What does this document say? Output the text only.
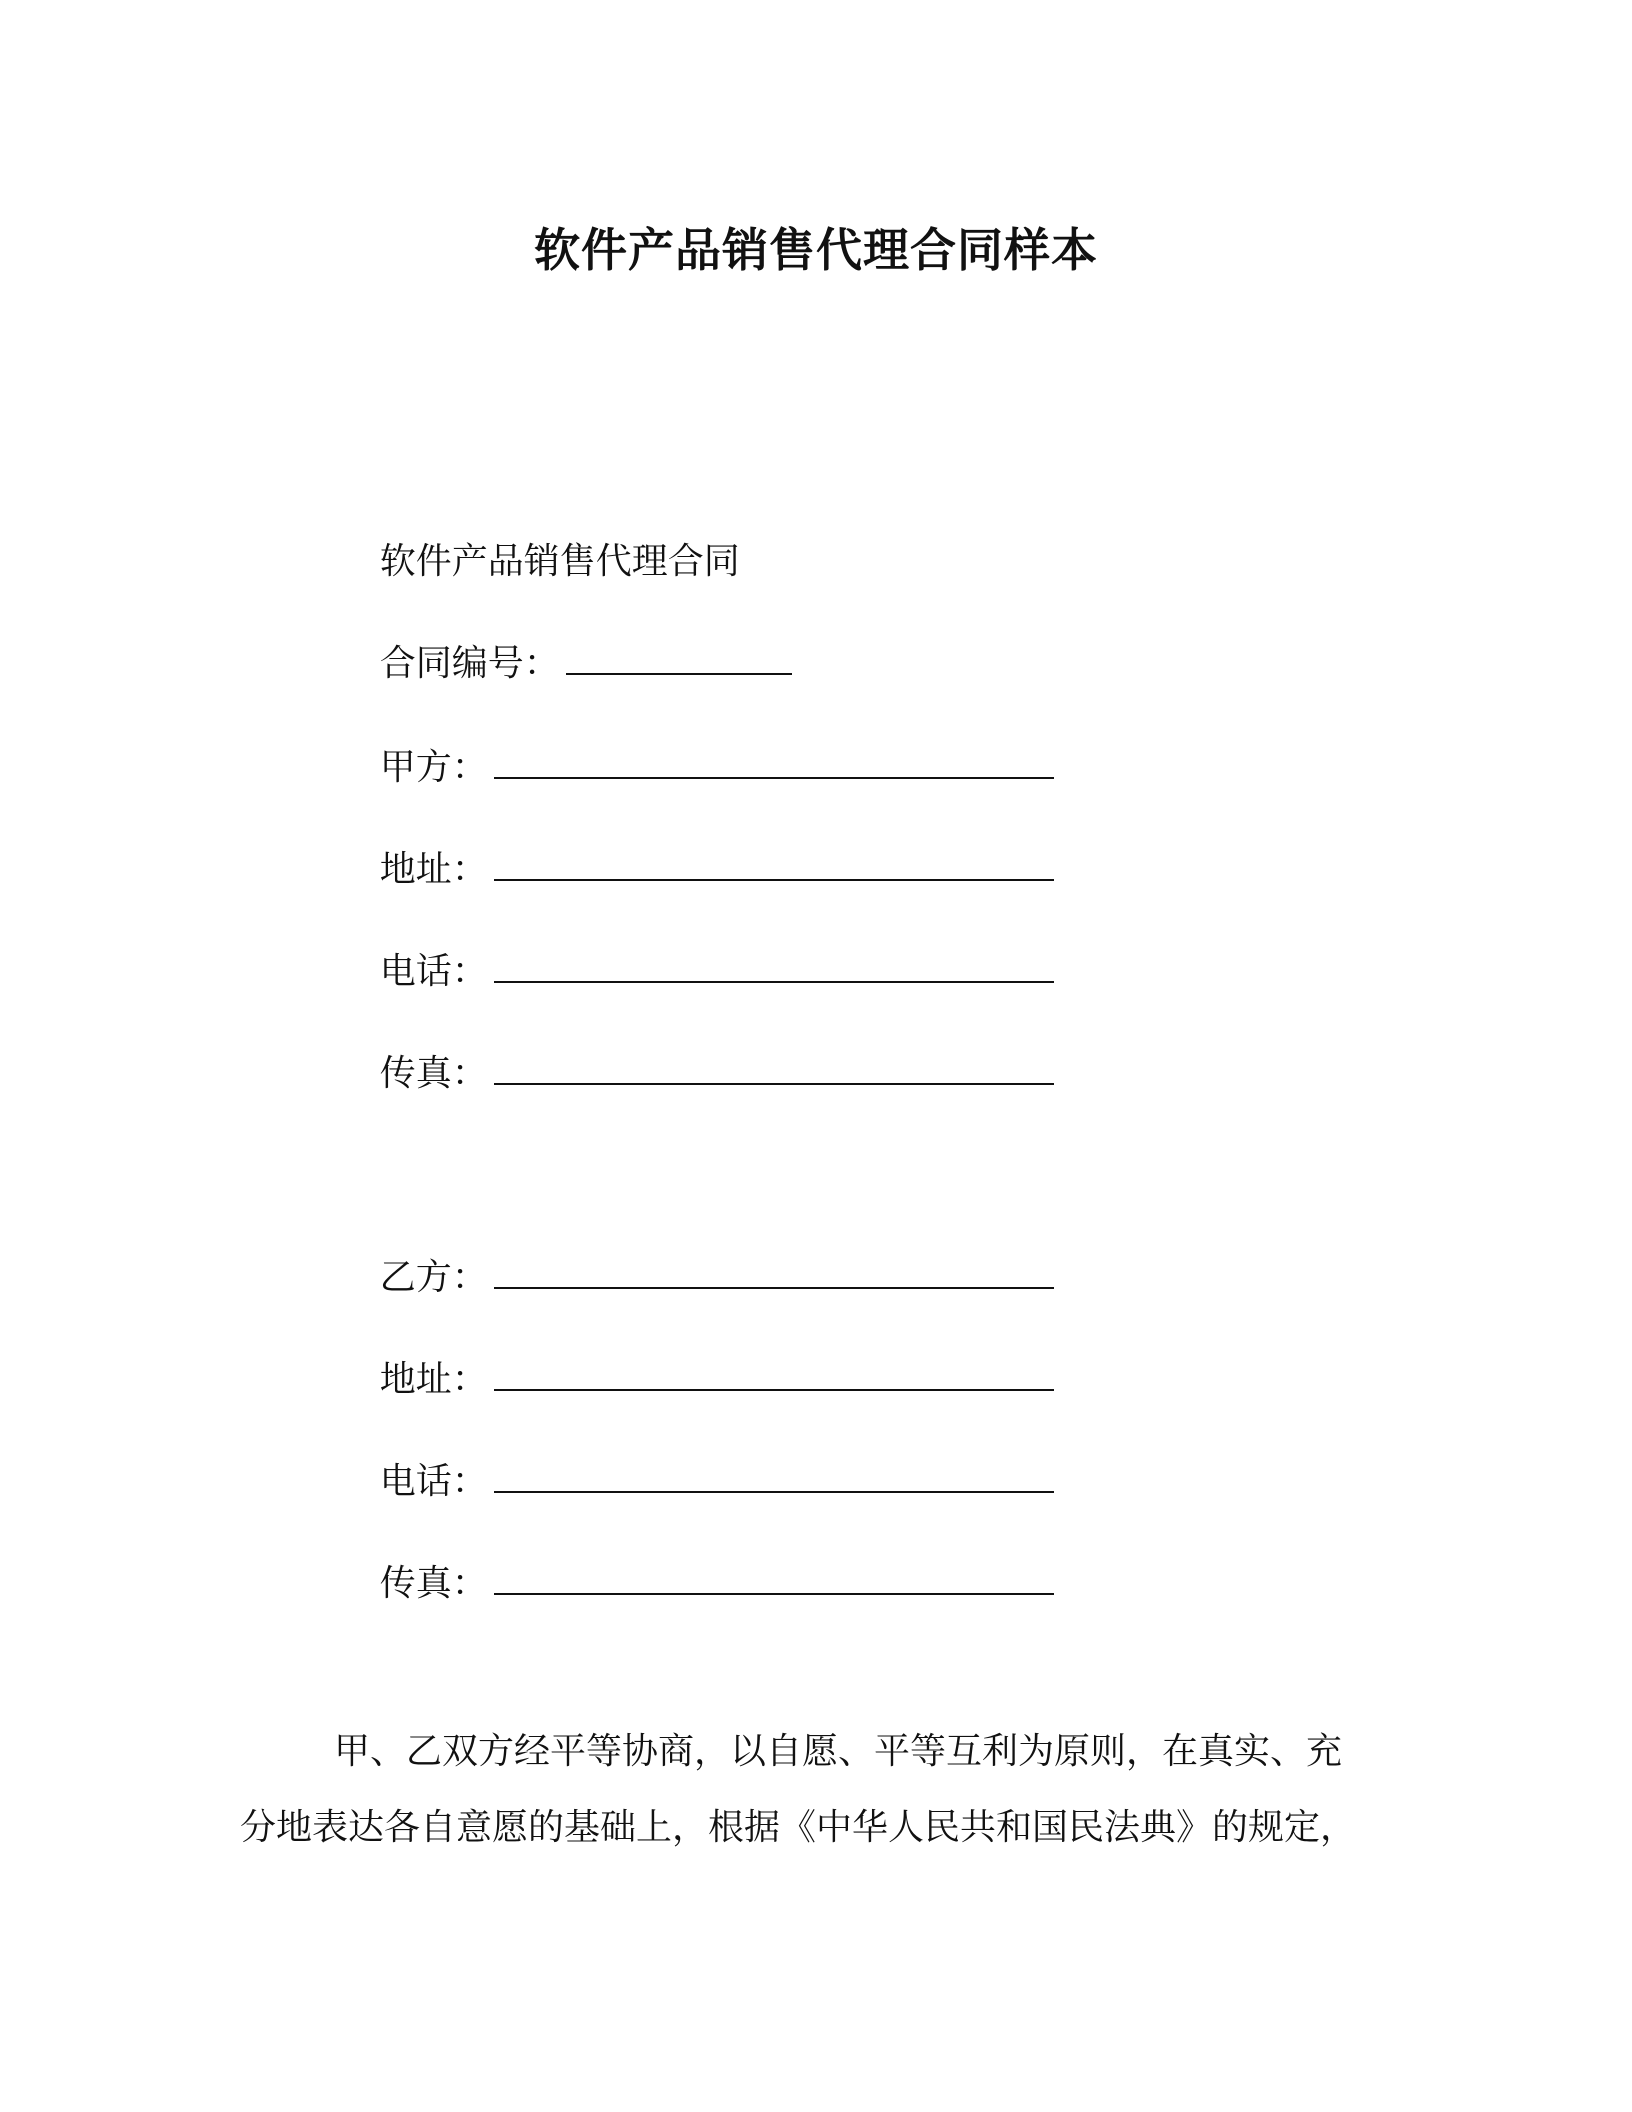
软件产品销售代理合同样本

软件产品销售代理合同

合同编号：

甲方：

地址：

电话：

传真：

乙方：

地址：

电话：

传真：

甲、乙双方经平等协商，以自愿、平等互利为原则，在真实、充
分地表达各自意愿的基础上，根据《中华人民共和国民法典》的规定，
